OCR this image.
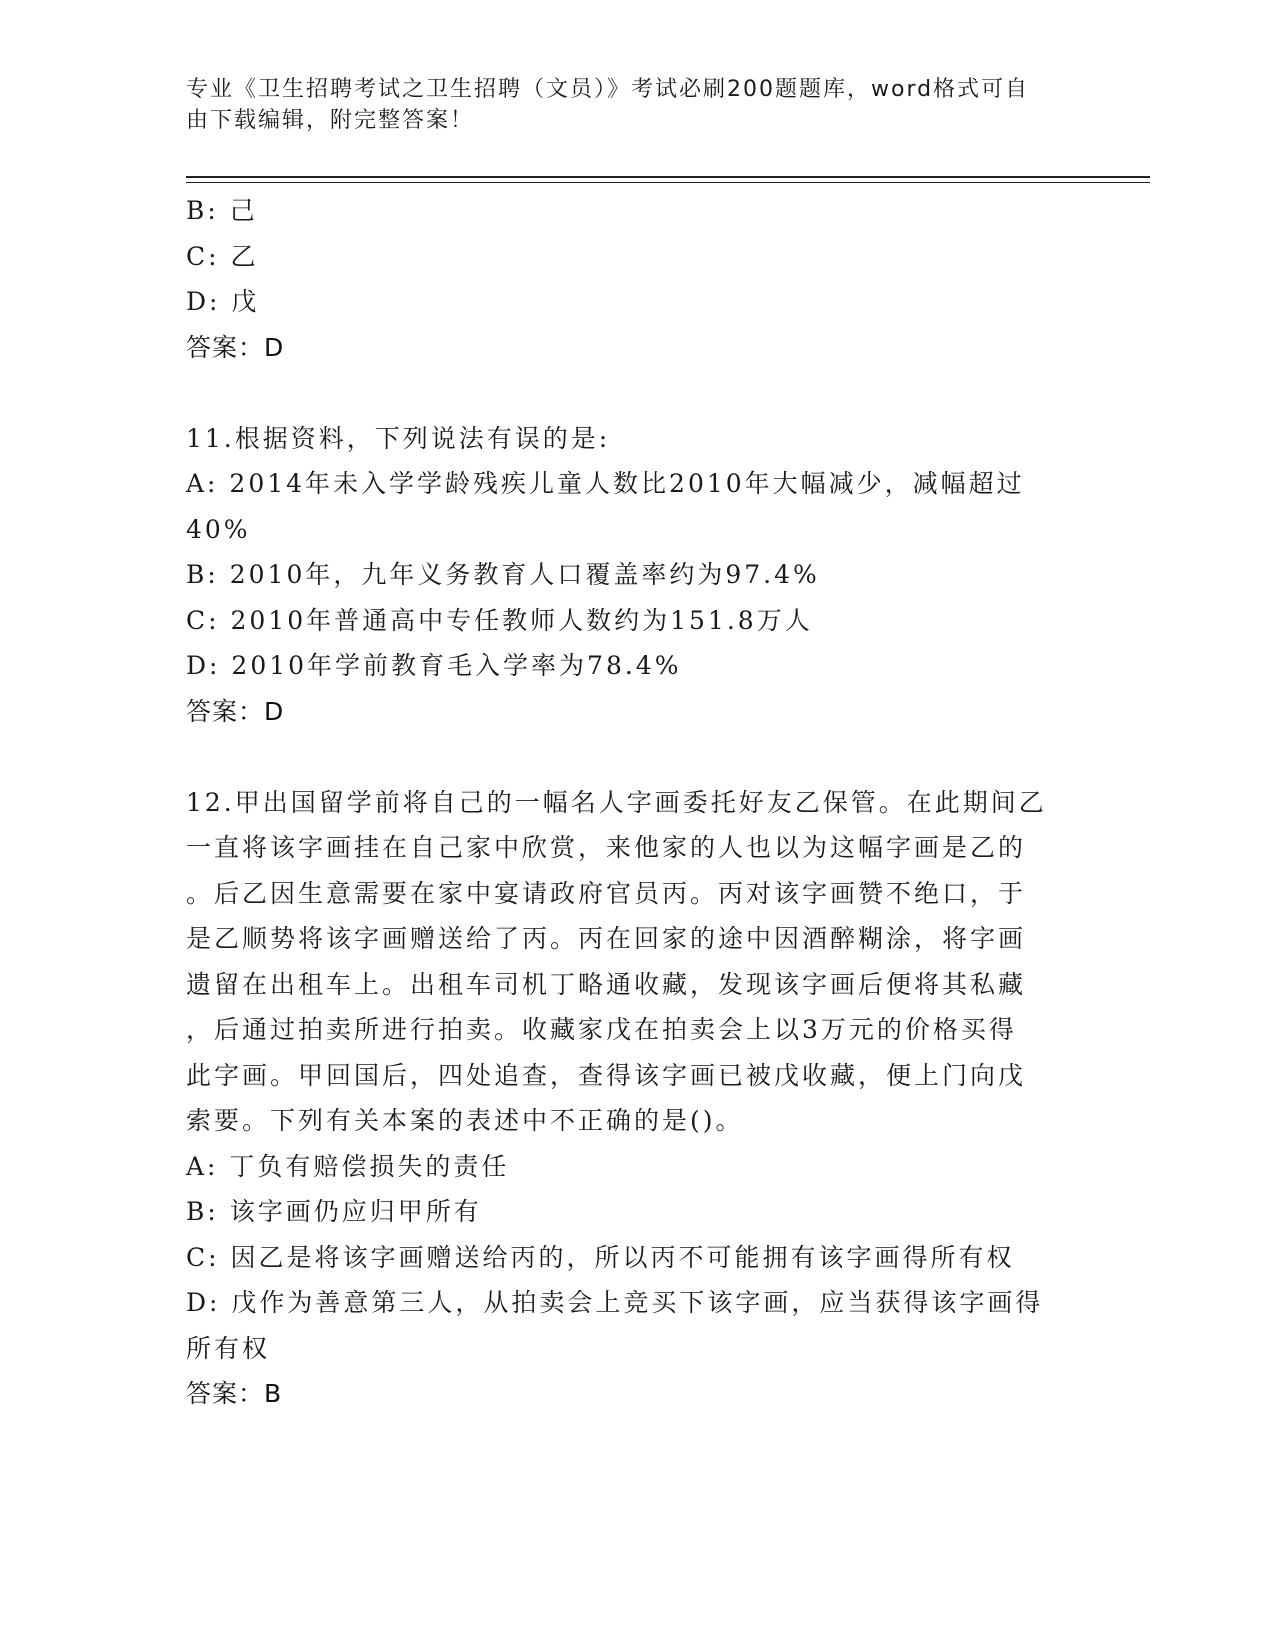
专业《卫生招聘考试之卫生招聘（文员）》考试必刷200题题库，word格式可自
由下载编辑，附完整答案！
B: 己
C: 乙
D: 戊
答案：D
11.根据资料，下列说法有误的是:
A: 2014年未入学学龄残疾儿童人数比2010年大幅减少，减幅超过
40%
B: 2010年，九年义务教育人口覆盖率约为97.4%
C: 2010年普通高中专任教师人数约为151.8万人
D: 2010年学前教育毛入学率为78.4%
答案：D
12.甲出国留学前将自己的一幅名人字画委托好友乙保管。在此期间乙
一直将该字画挂在自己家中欣赏，来他家的人也以为这幅字画是乙的
。后乙因生意需要在家中宴请政府官员丙。丙对该字画赞不绝口，于
是乙顺势将该字画赠送给了丙。丙在回家的途中因酒醉糊涂，将字画
遗留在出租车上。出租车司机丁略通收藏，发现该字画后便将其私藏
，后通过拍卖所进行拍卖。收藏家戊在拍卖会上以3万元的价格买得
此字画。甲回国后，四处追查，查得该字画已被戊收藏，便上门向戊
索要。下列有关本案的表述中不正确的是()。
A: 丁负有赔偿损失的责任
B: 该字画仍应归甲所有
C: 因乙是将该字画赠送给丙的，所以丙不可能拥有该字画得所有权
D: 戊作为善意第三人，从拍卖会上竞买下该字画，应当获得该字画得
所有权
答案：B
